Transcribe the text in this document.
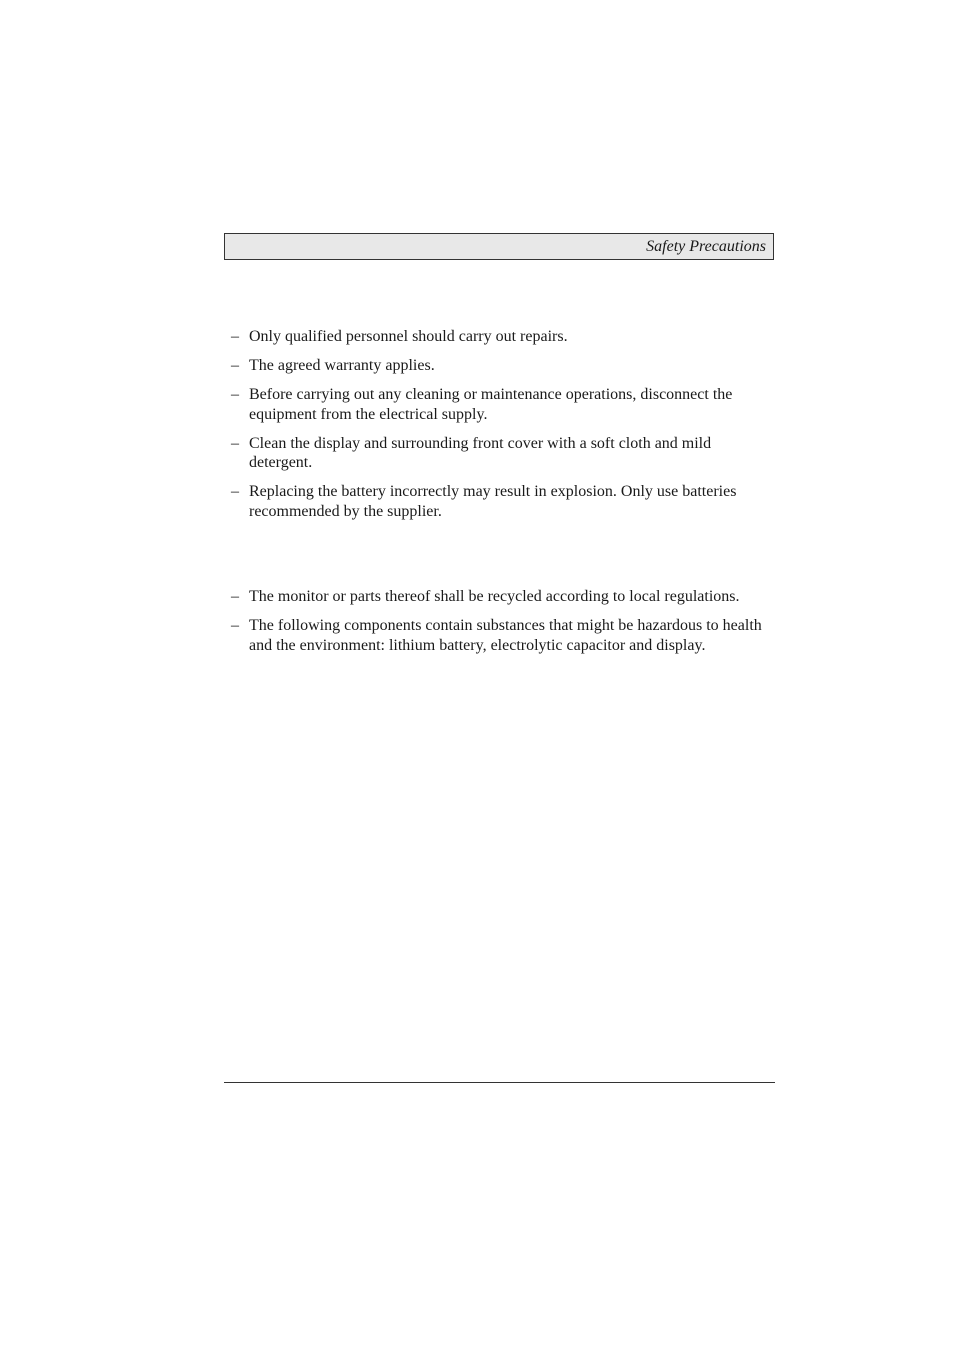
Safety Precautions
– Only qualified personnel should carry out repairs.
– The agreed warranty applies.
– Before carrying out any cleaning or maintenance operations, disconnect the equipment from the electrical supply.
– Clean the display and surrounding front cover with a soft cloth and mild detergent.
– Replacing the battery incorrectly may result in explosion. Only use batteries recommended by the supplier.
– The monitor or parts thereof shall be recycled according to local regulations.
– The following components contain substances that might be hazardous to health and the environment: lithium battery, electrolytic capacitor and display.
